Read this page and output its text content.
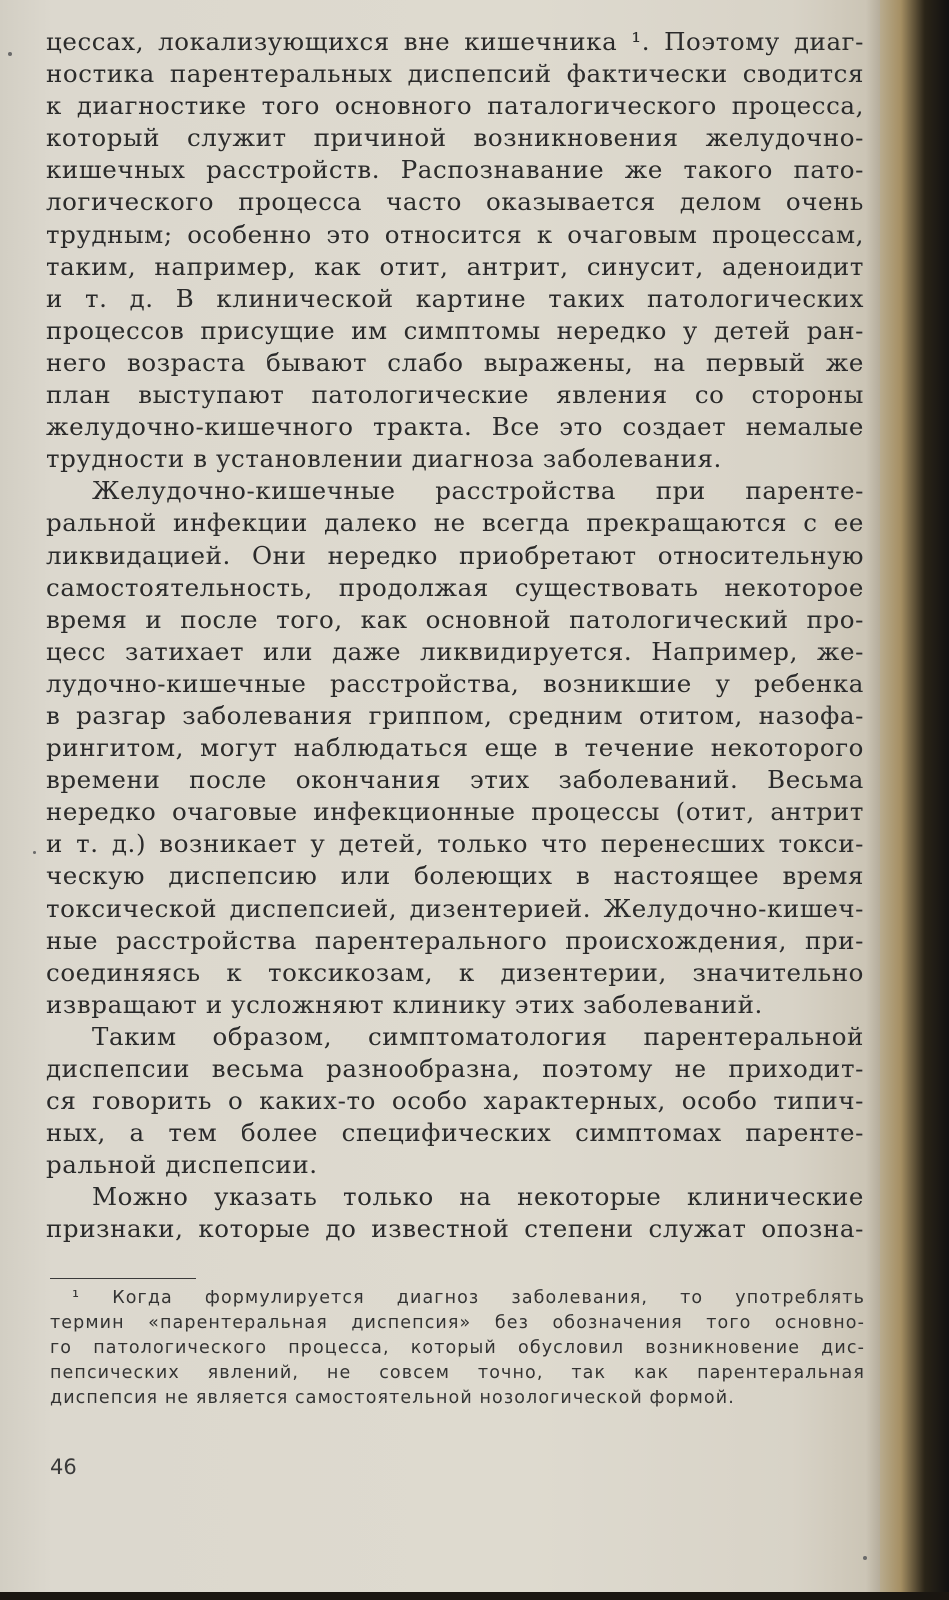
цессах, локализующихся вне кишечника ¹. Поэтому диаг-
ностика парентеральных диспепсий фактически сводится
к диагностике того основного паталогического процесса,
который служит причиной возникновения желудочно-
кишечных расстройств. Распознавание же такого пато-
логического процесса часто оказывается делом очень
трудным; особенно это относится к очаговым процессам,
таким, например, как отит, антрит, синусит, аденоидит
и т. д. В клинической картине таких патологических
процессов присущие им симптомы нередко у детей ран-
него возраста бывают слабо выражены, на первый же
план выступают патологические явления со стороны
желудочно-кишечного тракта. Все это создает немалые
трудности в установлении диагноза заболевания.
Желудочно-кишечные расстройства при паренте-
ральной инфекции далеко не всегда прекращаются с ее
ликвидацией. Они нередко приобретают относительную
самостоятельность, продолжая существовать некоторое
время и после того, как основной патологический про-
цесс затихает или даже ликвидируется. Например, же-
лудочно-кишечные расстройства, возникшие у ребенка
в разгар заболевания гриппом, средним отитом, назофа-
рингитом, могут наблюдаться еще в течение некоторого
времени после окончания этих заболеваний. Весьма
нередко очаговые инфекционные процессы (отит, антрит
и т. д.) возникает у детей, только что перенесших токси-
ческую диспепсию или болеющих в настоящее время
токсической диспепсией, дизентерией. Желудочно-кишеч-
ные расстройства парентерального происхождения, при-
соединяясь к токсикозам, к дизентерии, значительно
извращают и усложняют клинику этих заболеваний.
Таким образом, симптоматология парентеральной
диспепсии весьма разнообразна, поэтому не приходит-
ся говорить о каких-то особо характерных, особо типич-
ных, а тем более специфических симптомах паренте-
ральной диспепсии.
Можно указать только на некоторые клинические
признаки, которые до известной степени служат опозна-
¹ Когда формулируется диагноз заболевания, то употреблять
термин «парентеральная диспепсия» без обозначения того основно-
го патологического процесса, который обусловил возникновение дис-
пепсических явлений, не совсем точно, так как парентеральная
диспепсия не является самостоятельной нозологической формой.
46
